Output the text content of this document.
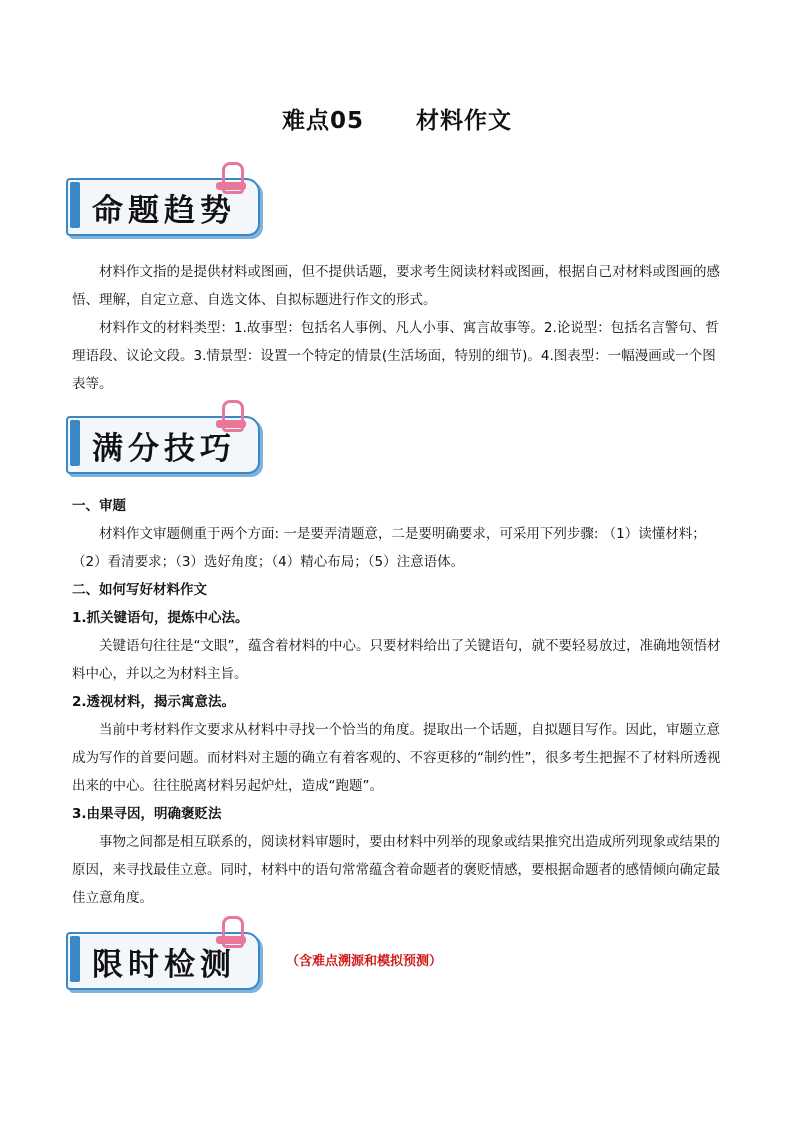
难点05 材料作文
命题趋势

材料作文指的是提供材料或图画，但不提供话题，要求考生阅读材料或图画，根据自己对材料或图画的感悟、理解，自定立意、自选文体、自拟标题进行作文的形式。

材料作文的材料类型：1.故事型：包括名人事例、凡人小事、寓言故事等。2.论说型：包括名言警句、哲理语段、议论文段。3.情景型：设置一个特定的情景(生活场面，特别的细节)。4.图表型：一幅漫画或一个图表等。

满分技巧

一、审题

材料作文审题侧重于两个方面: 一是要弄清题意，二是要明确要求，可采用下列步骤: （1）读懂材料；（2）看清要求；（3）选好角度；（4）精心布局；（5）注意语体。

二、如何写好材料作文

1.抓关键语句，提炼中心法。

关键语句往往是“文眼”，蕴含着材料的中心。只要材料给出了关键语句，就不要轻易放过，准确地领悟材料中心，并以之为材料主旨。

2.透视材料，揭示寓意法。

当前中考材料作文要求从材料中寻找一个恰当的角度。提取出一个话题，自拟题目写作。因此，审题立意成为写作的首要问题。而材料对主题的确立有着客观的、不容更移的“制约性”，很多考生把握不了材料所透视出来的中心。往往脱离材料另起炉灶，造成“跑题”。

3.由果寻因，明确褒贬法

事物之间都是相互联系的，阅读材料审题时，要由材料中列举的现象或结果推究出造成所列现象或结果的原因，来寻找最佳立意。同时，材料中的语句常常蕴含着命题者的褒贬情感，要根据命题者的感情倾向确定最佳立意角度。

限时检测	（含难点溯源和模拟预测）
